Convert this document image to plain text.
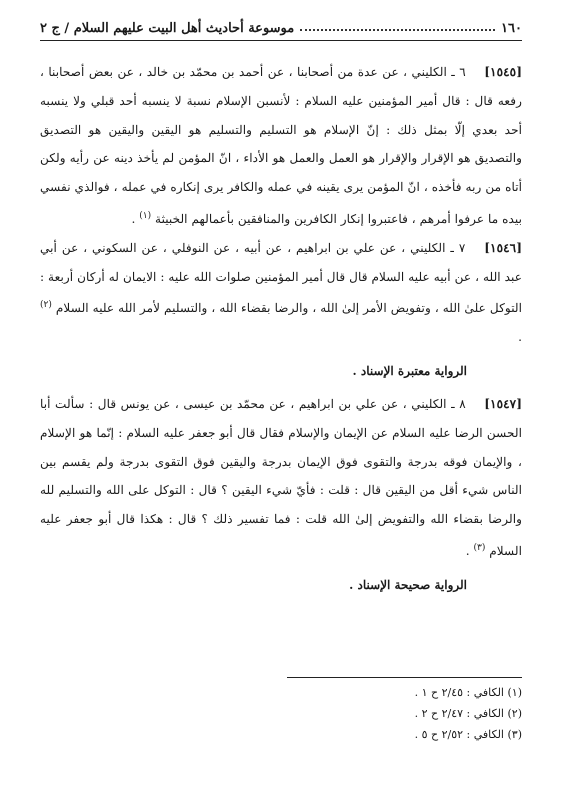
١٦٠
موسوعة أحاديث أهل البيت عليهم السلام / ج ٢

[١٥٤٥] ٦ ـ الكليني ، عن عدة من أصحابنا ، عن أحمد بن محمّد بن خالد ، عن بعض أصحابنا ، رفعه قال : قال أمير المؤمنين عليه السلام : لأنسبن الإسلام نسبة لا ينسبه أحد قبلي ولا ينسبه أحد بعدي إلّا بمثل ذلك : إنّ الإسلام هو التسليم والتسليم هو اليقين واليقين هو التصديق والتصديق هو الإقرار والإقرار هو العمل والعمل هو الأداء ، انّ المؤمن لم يأخذ دينه عن رأيه ولكن أتاه من ربه فأخذه ، انّ المؤمن يرى يقينه في عمله والكافر يرى إنكاره في عمله ، فوالذي نفسي بيده ما عرفوا أمرهم ، فاعتبروا إنكار الكافرين والمنافقين بأعمالهم الخبيثة $^{(١)}$ .

[١٥٤٦] ٧ ـ الكليني ، عن علي بن ابراهيم ، عن أبيه ، عن النوفلي ، عن السكوني ، عن أبي عبد الله ، عن أبيه عليه السلام قال قال أمير المؤمنين صلوات الله عليه : الايمان له أركان أربعة : التوكل علىٰ الله ، وتفويض الأمر إلىٰ الله ، والرضا بقضاء الله ، والتسليم لأمر الله عليه السلام $^{(٢)}$ .

الرواية معتبرة الإسناد .

[١٥٤٧] ٨ ـ الكليني ، عن علي بن ابراهيم ، عن محمّد بن عيسى ، عن يونس قال : سألت أبا الحسن الرضا عليه السلام عن الإيمان والإسلام فقال قال أبو جعفر عليه السلام : إنّما هو الإسلام ، والإيمان فوقه بدرجة والتقوى فوق الإيمان بدرجة واليقين فوق التقوى بدرجة ولم يقسم بين الناس شيء أقل من اليقين قال : قلت : فأيّ شيء اليقين ؟ قال : التوكل على الله والتسليم لله والرضا بقضاء الله والتفويض إلىٰ الله قلت : فما تفسير ذلك ؟ قال : هكذا قال أبو جعفر عليه السلام $^{(٣)}$ .

الرواية صحيحة الإسناد .

(١) الكافي : ٢/٤٥ ح ١ .
(٢) الكافي : ٢/٤٧ ح ٢ .
(٣) الكافي : ٢/٥٢ ح ٥ .
